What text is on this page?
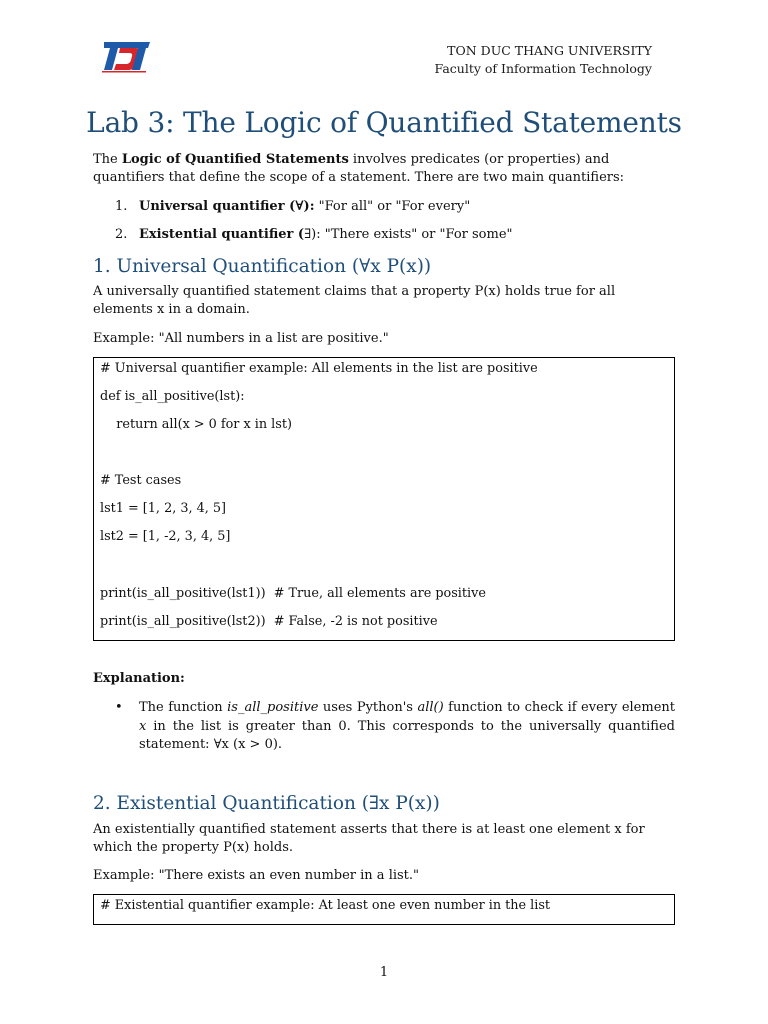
TON DUC THANG UNIVERSITY
Faculty of Information Technology
Lab 3: The Logic of Quantified Statements

The Logic of Quantified Statements involves predicates (or properties) and quantifiers that define the scope of a statement. There are two main quantifiers:

1. Universal quantifier (∀): "For all" or "For every"
2. Existential quantifier (∃): "There exists" or "For some"
1. Universal Quantification (∀x P(x))

A universally quantified statement claims that a property P(x) holds true for all elements x in a domain.

Example: "All numbers in a list are positive."

# Universal quantifier example: All elements in the list are positive
def is_all_positive(lst):
return all(x > 0 for x in lst)
# Test cases
lst1 = [1, 2, 3, 4, 5]
lst2 = [1, -2, 3, 4, 5]
print(is_all_positive(lst1))  # True, all elements are positive
print(is_all_positive(lst2))  # False, -2 is not positive

Explanation:

• The function is_all_positive uses Python's all() function to check if every element x in the list is greater than 0. This corresponds to the universally quantified statement: ∀x (x > 0).

2. Existential Quantification (∃x P(x))

An existentially quantified statement asserts that there is at least one element x for which the property P(x) holds.

Example: "There exists an even number in a list."

# Existential quantifier example: At least one even number in the list
1
